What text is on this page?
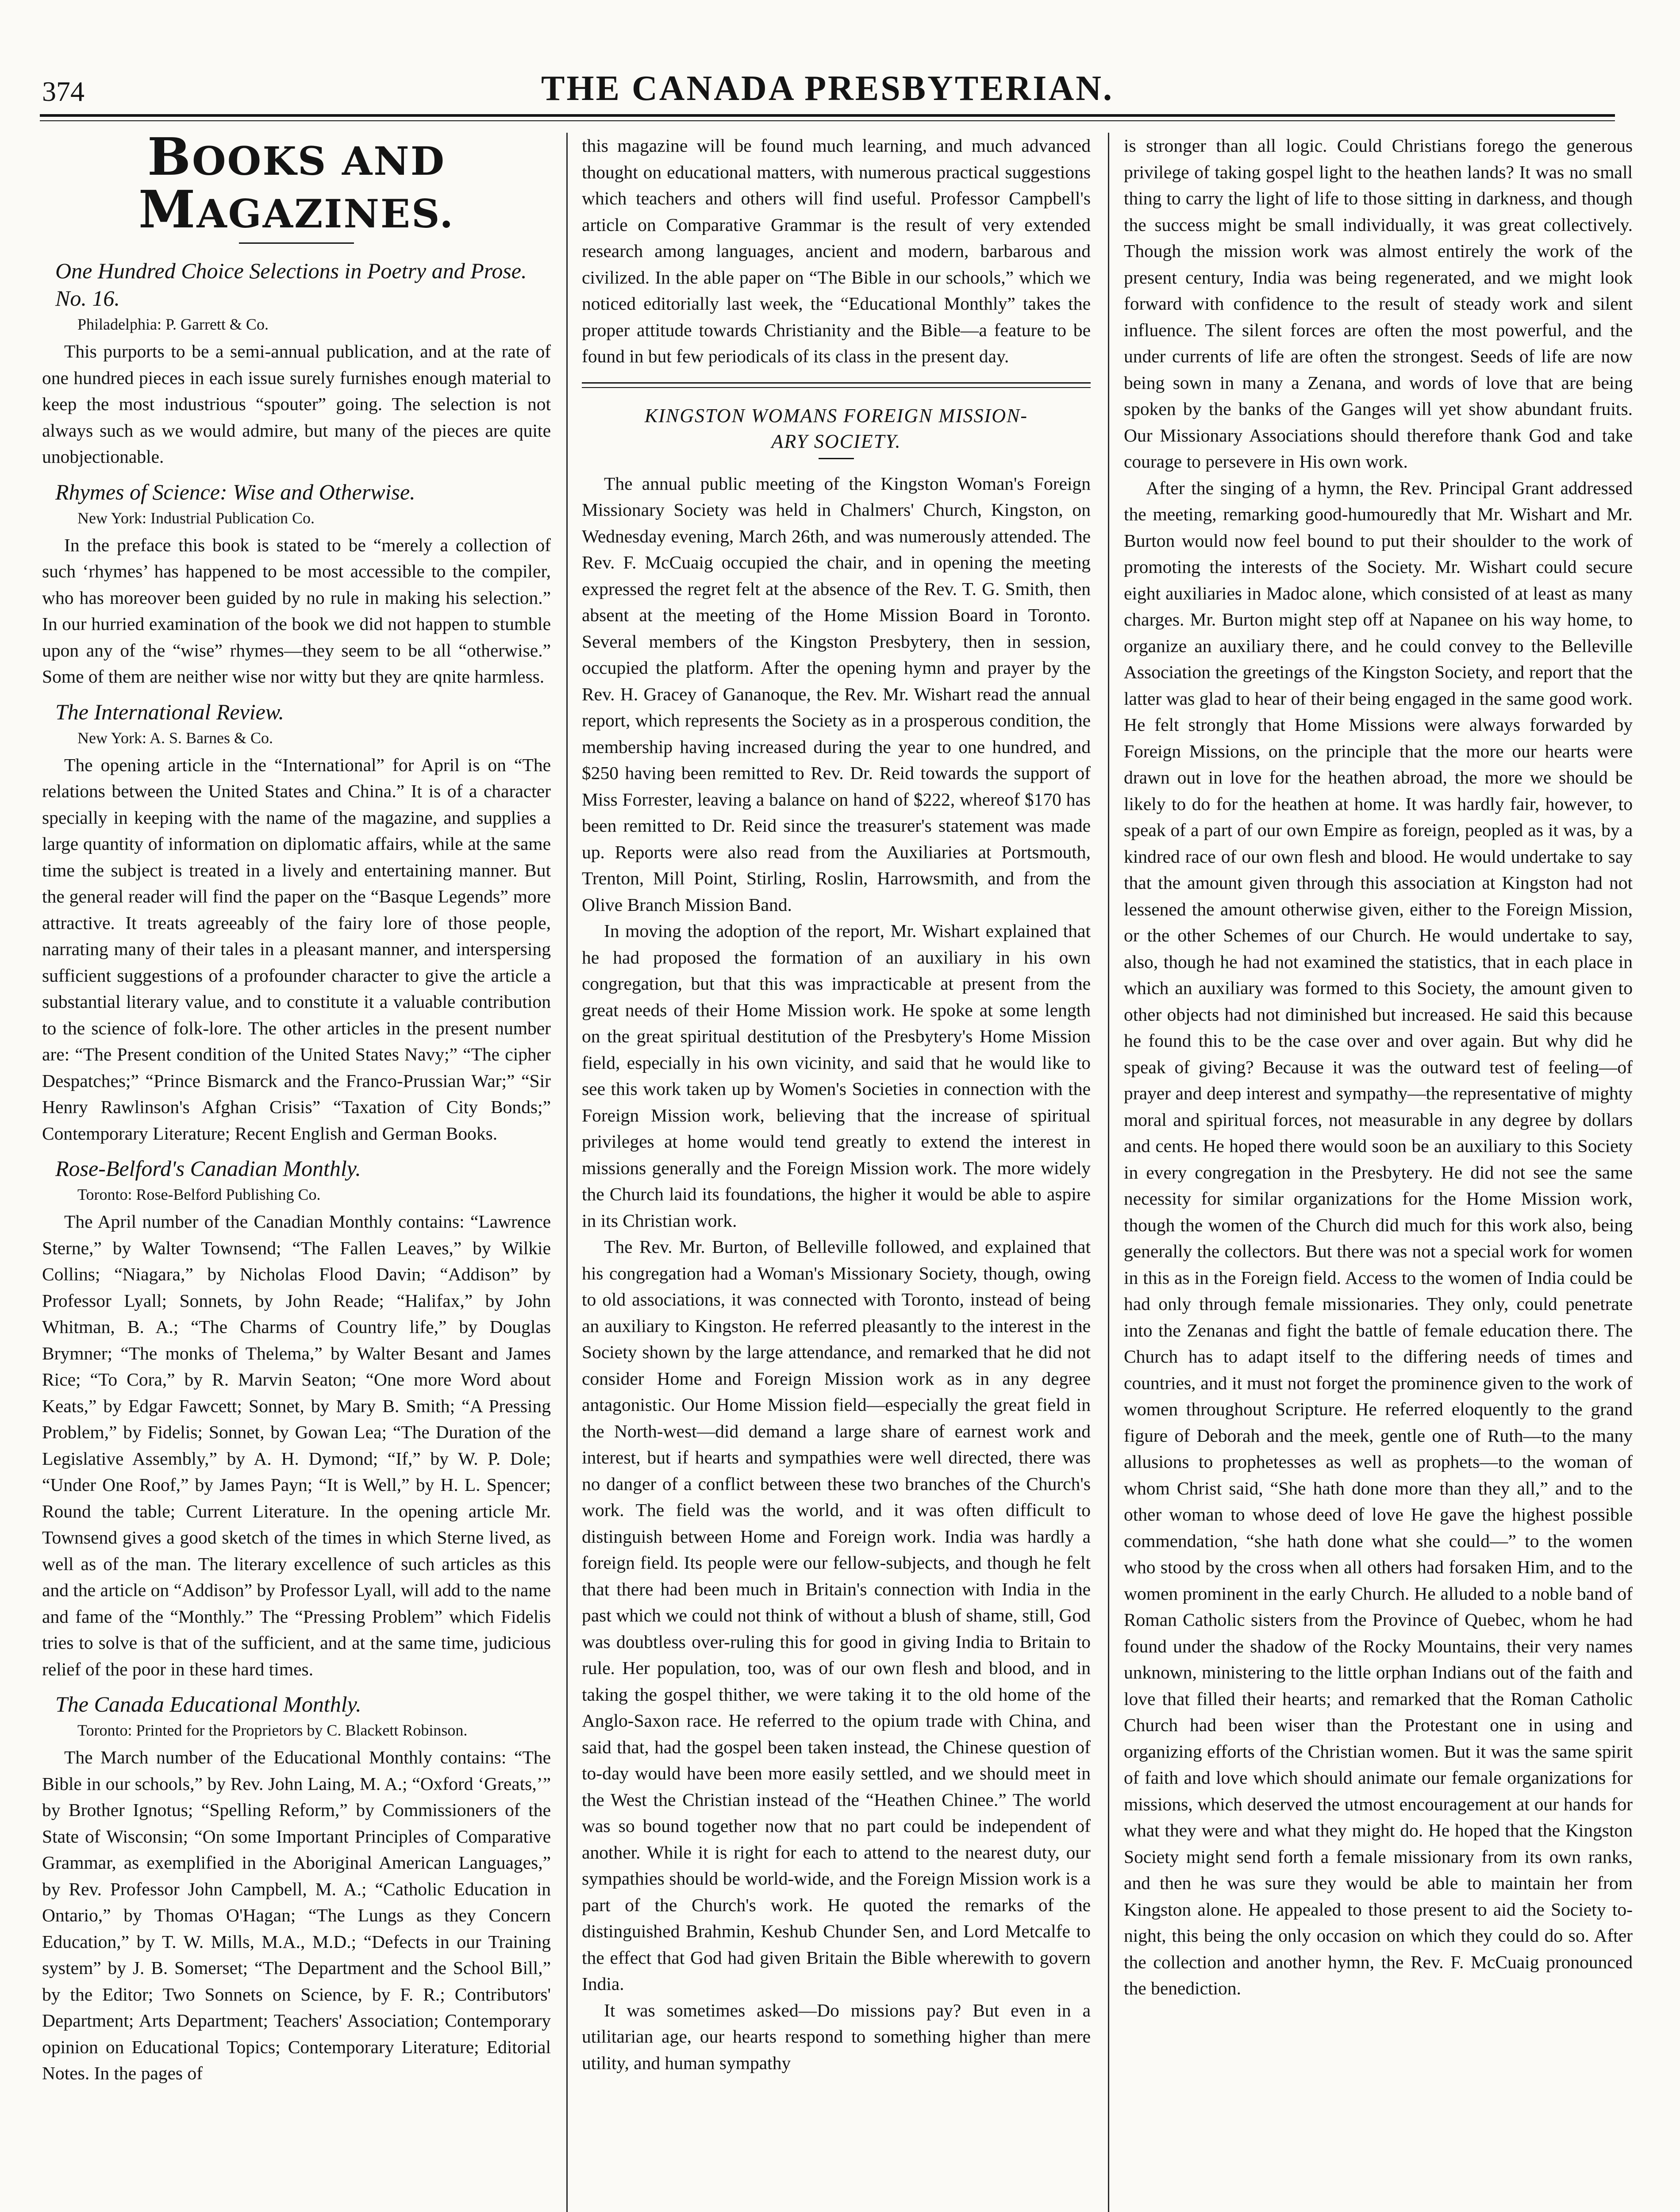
374	THE CANADA PRESBYTERIAN.
BOOKS AND MAGAZINES.
One Hundred Choice Selections in Poetry and Prose. No. 16.
Philadelphia: P. Garrett & Co.

This purports to be a semi-annual publication, and at the rate of one hundred pieces in each issue surely furnishes enough material to keep the most industrious “spouter” going. The selection is not always such as we would admire, but many of the pieces are quite unobjectionable.

Rhymes of Science: Wise and Otherwise.
New York: Industrial Publication Co.

In the preface this book is stated to be “merely a collection of such ‘rhymes’ has happened to be most accessible to the compiler, who has moreover been guided by no rule in making his selection.” In our hurried examination of the book we did not happen to stumble upon any of the “wise” rhymes—they seem to be all “otherwise.” Some of them are neither wise nor witty but they are qnite harmless.

The International Review.
New York: A. S. Barnes & Co.

The opening article in the “International” for April is on “The relations between the United States and China.” It is of a character specially in keeping with the name of the magazine, and supplies a large quantity of information on diplomatic affairs, while at the same time the subject is treated in a lively and entertaining manner. But the general reader will find the paper on the “Basque Legends” more attractive. It treats agreeably of the fairy lore of those people, narrating many of their tales in a pleasant manner, and interspersing sufficient suggestions of a profounder character to give the article a substantial literary value, and to constitute it a valuable contribution to the science of folk-lore. The other articles in the present number are: “The Present condition of the United States Navy;” “The cipher Despatches;” “Prince Bismarck and the Franco-Prussian War;” “Sir Henry Rawlinson's Afghan Crisis” “Taxation of City Bonds;” Contemporary Literature; Recent English and German Books.

Rose-Belford's Canadian Monthly.
Toronto: Rose-Belford Publishing Co.

The April number of the Canadian Monthly contains: “Lawrence Sterne,” by Walter Townsend; “The Fallen Leaves,” by Wilkie Collins; “Niagara,” by Nicholas Flood Davin; “Addison” by Professor Lyall; Sonnets, by John Reade; “Halifax,” by John Whitman, B. A.; “The Charms of Country life,” by Douglas Brymner; “The monks of Thelema,” by Walter Besant and James Rice; “To Cora,” by R. Marvin Seaton; “One more Word about Keats,” by Edgar Fawcett; Sonnet, by Mary B. Smith; “A Pressing Problem,” by Fidelis; Sonnet, by Gowan Lea; “The Duration of the Legislative Assembly,” by A. H. Dymond; “If,” by W. P. Dole; “Under One Roof,” by James Payn; “It is Well,” by H. L. Spencer; Round the table; Current Literature. In the opening article Mr. Townsend gives a good sketch of the times in which Sterne lived, as well as of the man. The literary excellence of such articles as this and the article on “Addison” by Professor Lyall, will add to the name and fame of the “Monthly.” The “Pressing Problem” which Fidelis tries to solve is that of the sufficient, and at the same time, judicious relief of the poor in these hard times.

The Canada Educational Monthly.
Toronto: Printed for the Proprietors by C. Blackett Robinson.

The March number of the Educational Monthly contains: “The Bible in our schools,” by Rev. John Laing, M. A.; “Oxford ‘Greats,’” by Brother Ignotus; “Spelling Reform,” by Commissioners of the State of Wisconsin; “On some Important Principles of Comparative Grammar, as exemplified in the Aboriginal American Languages,” by Rev. Professor John Campbell, M. A.; “Catholic Education in Ontario,” by Thomas O'Hagan; “The Lungs as they Concern Education,” by T. W. Mills, M.A., M.D.; “Defects in our Training system” by J. B. Somerset; “The Department and the School Bill,” by the Editor; Two Sonnets on Science, by F. R.; Contributors' Department; Arts Department; Teachers' Association; Contemporary opinion on Educational Topics; Contemporary Literature; Editorial Notes. In the pages of

this magazine will be found much learning, and much advanced thought on educational matters, with numerous practical suggestions which teachers and others will find useful. Professor Campbell's article on Comparative Grammar is the result of very extended research among languages, ancient and modern, barbarous and civilized. In the able paper on “The Bible in our schools,” which we noticed editorially last week, the “Educational Monthly” takes the proper attitude towards Christianity and the Bible—a feature to be found in but few periodicals of its class in the present day.

KINGSTON WOMANS FOREIGN MISSION-
ARY SOCIETY.

The annual public meeting of the Kingston Woman's Foreign Missionary Society was held in Chalmers' Church, Kingston, on Wednesday evening, March 26th, and was numerously attended. The Rev. F. McCuaig occupied the chair, and in opening the meeting expressed the regret felt at the absence of the Rev. T. G. Smith, then absent at the meeting of the Home Mission Board in Toronto. Several members of the Kingston Presbytery, then in session, occupied the platform. After the opening hymn and prayer by the Rev. H. Gracey of Gananoque, the Rev. Mr. Wishart read the annual report, which represents the Society as in a prosperous condition, the membership having increased during the year to one hundred, and $250 having been remitted to Rev. Dr. Reid towards the support of Miss Forrester, leaving a balance on hand of $222, whereof $170 has been remitted to Dr. Reid since the treasurer's statement was made up. Reports were also read from the Auxiliaries at Portsmouth, Trenton, Mill Point, Stirling, Roslin, Harrowsmith, and from the Olive Branch Mission Band.

In moving the adoption of the report, Mr. Wishart explained that he had proposed the formation of an auxiliary in his own congregation, but that this was impracticable at present from the great needs of their Home Mission work. He spoke at some length on the great spiritual destitution of the Presbytery's Home Mission field, especially in his own vicinity, and said that he would like to see this work taken up by Women's Societies in connection with the Foreign Mission work, believing that the increase of spiritual privileges at home would tend greatly to extend the interest in missions generally and the Foreign Mission work. The more widely the Church laid its foundations, the higher it would be able to aspire in its Christian work.

The Rev. Mr. Burton, of Belleville followed, and explained that his congregation had a Woman's Missionary Society, though, owing to old associations, it was connected with Toronto, instead of being an auxiliary to Kingston. He referred pleasantly to the interest in the Society shown by the large attendance, and remarked that he did not consider Home and Foreign Mission work as in any degree antagonistic. Our Home Mission field—especially the great field in the North-west—did demand a large share of earnest work and interest, but if hearts and sympathies were well directed, there was no danger of a conflict between these two branches of the Church's work. The field was the world, and it was often difficult to distinguish between Home and Foreign work. India was hardly a foreign field. Its people were our fellow-subjects, and though he felt that there had been much in Britain's connection with India in the past which we could not think of without a blush of shame, still, God was doubtless over-ruling this for good in giving India to Britain to rule. Her population, too, was of our own flesh and blood, and in taking the gospel thither, we were taking it to the old home of the Anglo-Saxon race. He referred to the opium trade with China, and said that, had the gospel been taken instead, the Chinese question of to-day would have been more easily settled, and we should meet in the West the Christian instead of the “Heathen Chinee.” The world was so bound together now that no part could be independent of another. While it is right for each to attend to the nearest duty, our sympathies should be world-wide, and the Foreign Mission work is a part of the Church's work. He quoted the remarks of the distinguished Brahmin, Keshub Chunder Sen, and Lord Metcalfe to the effect that God had given Britain the Bible wherewith to govern India.

It was sometimes asked—Do missions pay? But even in a utilitarian age, our hearts respond to something higher than mere utility, and human sympathy

is stronger than all logic. Could Christians forego the generous privilege of taking gospel light to the heathen lands? It was no small thing to carry the light of life to those sitting in darkness, and though the success might be small individually, it was great collectively. Though the mission work was almost entirely the work of the present century, India was being regenerated, and we might look forward with confidence to the result of steady work and silent influence. The silent forces are often the most powerful, and the under currents of life are often the strongest. Seeds of life are now being sown in many a Zenana, and words of love that are being spoken by the banks of the Ganges will yet show abundant fruits. Our Missionary Associations should therefore thank God and take courage to persevere in His own work.

After the singing of a hymn, the Rev. Principal Grant addressed the meeting, remarking good-humouredly that Mr. Wishart and Mr. Burton would now feel bound to put their shoulder to the work of promoting the interests of the Society. Mr. Wishart could secure eight auxiliaries in Madoc alone, which consisted of at least as many charges. Mr. Burton might step off at Napanee on his way home, to organize an auxiliary there, and he could convey to the Belleville Association the greetings of the Kingston Society, and report that the latter was glad to hear of their being engaged in the same good work. He felt strongly that Home Missions were always forwarded by Foreign Missions, on the principle that the more our hearts were drawn out in love for the heathen abroad, the more we should be likely to do for the heathen at home. It was hardly fair, however, to speak of a part of our own Empire as foreign, peopled as it was, by a kindred race of our own flesh and blood. He would undertake to say that the amount given through this association at Kingston had not lessened the amount otherwise given, either to the Foreign Mission, or the other Schemes of our Church. He would undertake to say, also, though he had not examined the statistics, that in each place in which an auxiliary was formed to this Society, the amount given to other objects had not diminished but increased. He said this because he found this to be the case over and over again. But why did he speak of giving? Because it was the outward test of feeling—of prayer and deep interest and sympathy—the representative of mighty moral and spiritual forces, not measurable in any degree by dollars and cents. He hoped there would soon be an auxiliary to this Society in every congregation in the Presbytery. He did not see the same necessity for similar organizations for the Home Mission work, though the women of the Church did much for this work also, being generally the collectors. But there was not a special work for women in this as in the Foreign field. Access to the women of India could be had only through female missionaries. They only, could penetrate into the Zenanas and fight the battle of female education there. The Church has to adapt itself to the differing needs of times and countries, and it must not forget the prominence given to the work of women throughout Scripture. He referred eloquently to the grand figure of Deborah and the meek, gentle one of Ruth—to the many allusions to prophetesses as well as prophets—to the woman of whom Christ said, “She hath done more than they all,” and to the other woman to whose deed of love He gave the highest possible commendation, “she hath done what she could—” to the women who stood by the cross when all others had forsaken Him, and to the women prominent in the early Church. He alluded to a noble band of Roman Catholic sisters from the Province of Quebec, whom he had found under the shadow of the Rocky Mountains, their very names unknown, ministering to the little orphan Indians out of the faith and love that filled their hearts; and remarked that the Roman Catholic Church had been wiser than the Protestant one in using and organizing efforts of the Christian women. But it was the same spirit of faith and love which should animate our female organizations for missions, which deserved the utmost encouragement at our hands for what they were and what they might do. He hoped that the Kingston Society might send forth a female missionary from its own ranks, and then he was sure they would be able to maintain her from Kingston alone. He appealed to those present to aid the Society to-night, this being the only occasion on which they could do so. After the collection and another hymn, the Rev. F. McCuaig pronounced the benediction.
